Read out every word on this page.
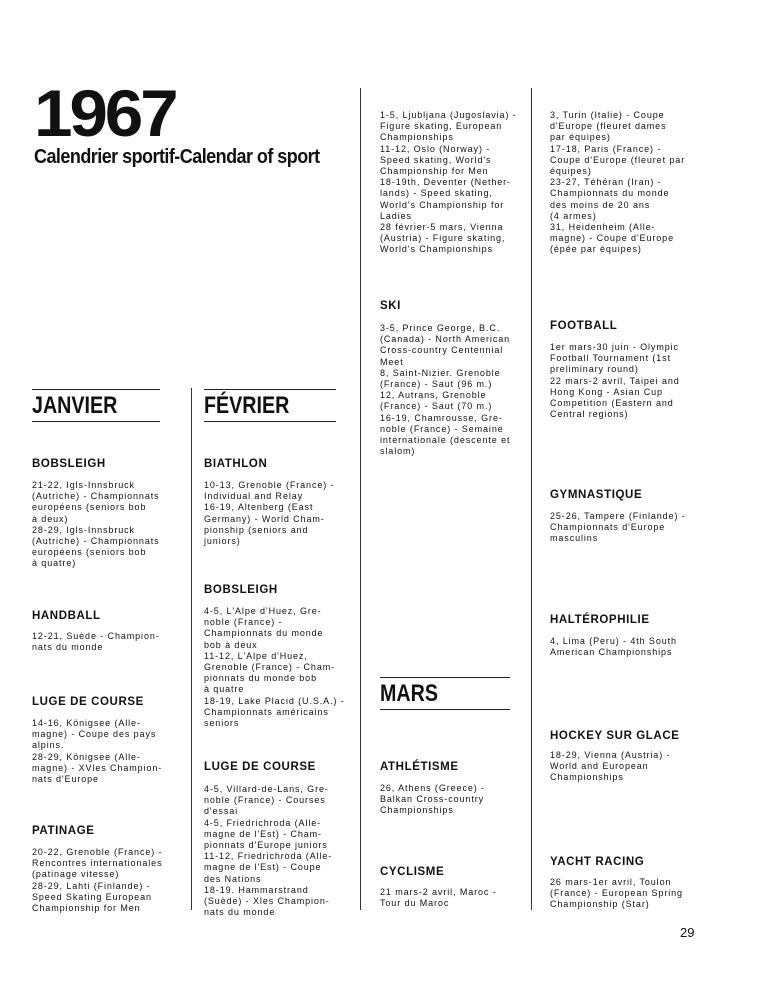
1967
Calendrier sportif-Calendar of sport
1-5, Ljubljana (Jugoslavia) -
Figure skating, European
Championships
11-12, Oslo (Norway) -
Speed skating, World's
Championship for Men
18-19th, Deventer (Nether-
lands) - Speed skating,
World's Championship for
Ladies
28 février-5 mars, Vienna
(Austria) - Figure skating,
World's Championships
3, Turin (Italie) - Coupe
d'Europe (fleuret dames
par équipes)
17-18, Paris (France) -
Coupe d'Europe (fleuret par
équipes)
23-27, Téhéran (Iran) -
Championnats du monde
des moins de 20 ans
(4 armes)
31, Heidenheim (Alle-
magne) - Coupe d'Europe
(épée par équipes)
JANVIER	FÉVRIER
MARS
SKI
3-5, Prince George, B.C.
(Canada) - North American
Cross-country Centennial
Meet
8, Saint-Nizier. Grenoble
(France) - Saut (96 m.)
12, Autrans, Grenoble
(France) - Saut (70 m.)
16-19, Chamrousse, Gre-
noble (France) - Semaine
internationale (descente et
slalom)
FOOTBALL
1er mars-30 juin - Olympic
Football Tournament (1st
preliminary round)
22 mars-2 avril, Taipei and
Hong Kong - Asian Cup
Competition (Eastern and
Central regions)
BOBSLEIGH
21-22, Igls-Innsbruck
(Autriche) - Championnats
européens (seniors bob
à deux)
28-29, Igls-Innsbruck
(Autriche) - Championnats
européens (seniors bob
à quatre)
BIATHLON
10-13, Grenoble (France) -
Individual and Relay
16-19, Altenberg (East
Germany) - World Cham-
pionship (seniors and
juniors)
GYMNASTIQUE
25-26, Tampere (Finlande) -
Championnats d'Europe
masculins
BOBSLEIGH
4-5, L'Alpe d'Huez, Gre-
noble (France) -
Championnats du monde
bob à deux
11-12, L'Alpe d'Huez,
Grenoble (France) - Cham-
pionnats du monde bob
à quatre
18-19, Lake Placid (U.S.A.) -
Championnats américains
seniors
HANDBALL
12-21, Suède - Champion-
nats du monde
HALTÉROPHILIE
4, Lima (Peru) - 4th South
American Championships
LUGE DE COURSE
14-16, Königsee (Alle-
magne) - Coupe des pays
alpins.
28-29, Königsee (Alle-
magne) - XVles Champion-
nats d'Europe
HOCKEY SUR GLACE
18-29, Vienna (Austria) -
World and European
Championships
LUGE DE COURSE
4-5, Villard-de-Lans, Gre-
noble (France) - Courses
d'essai
4-5, Friedrichroda (Alle-
magne de l'Est) - Cham-
pionnats d'Europe juniors
11-12, Friedrichroda (Alle-
magne de l'Est) - Coupe
des Nations
18-19. Hammarstrand
(Suède) - Xles Champion-
nats du monde
ATHLÉTISME
26, Athens (Greece) -
Balkan Cross-country
Championships
PATINAGE
20-22, Grenoble (France) -
Rencontres internationales
(patinage vitesse)
28-29, Lahti (Finlande) -
Speed Skating European
Championship for Men
YACHT RACING
26 mars-1er avril, Toulon
(France) - European Spring
Championship (Star)
CYCLISME
21 mars-2 avril, Maroc -
Tour du Maroc
29
